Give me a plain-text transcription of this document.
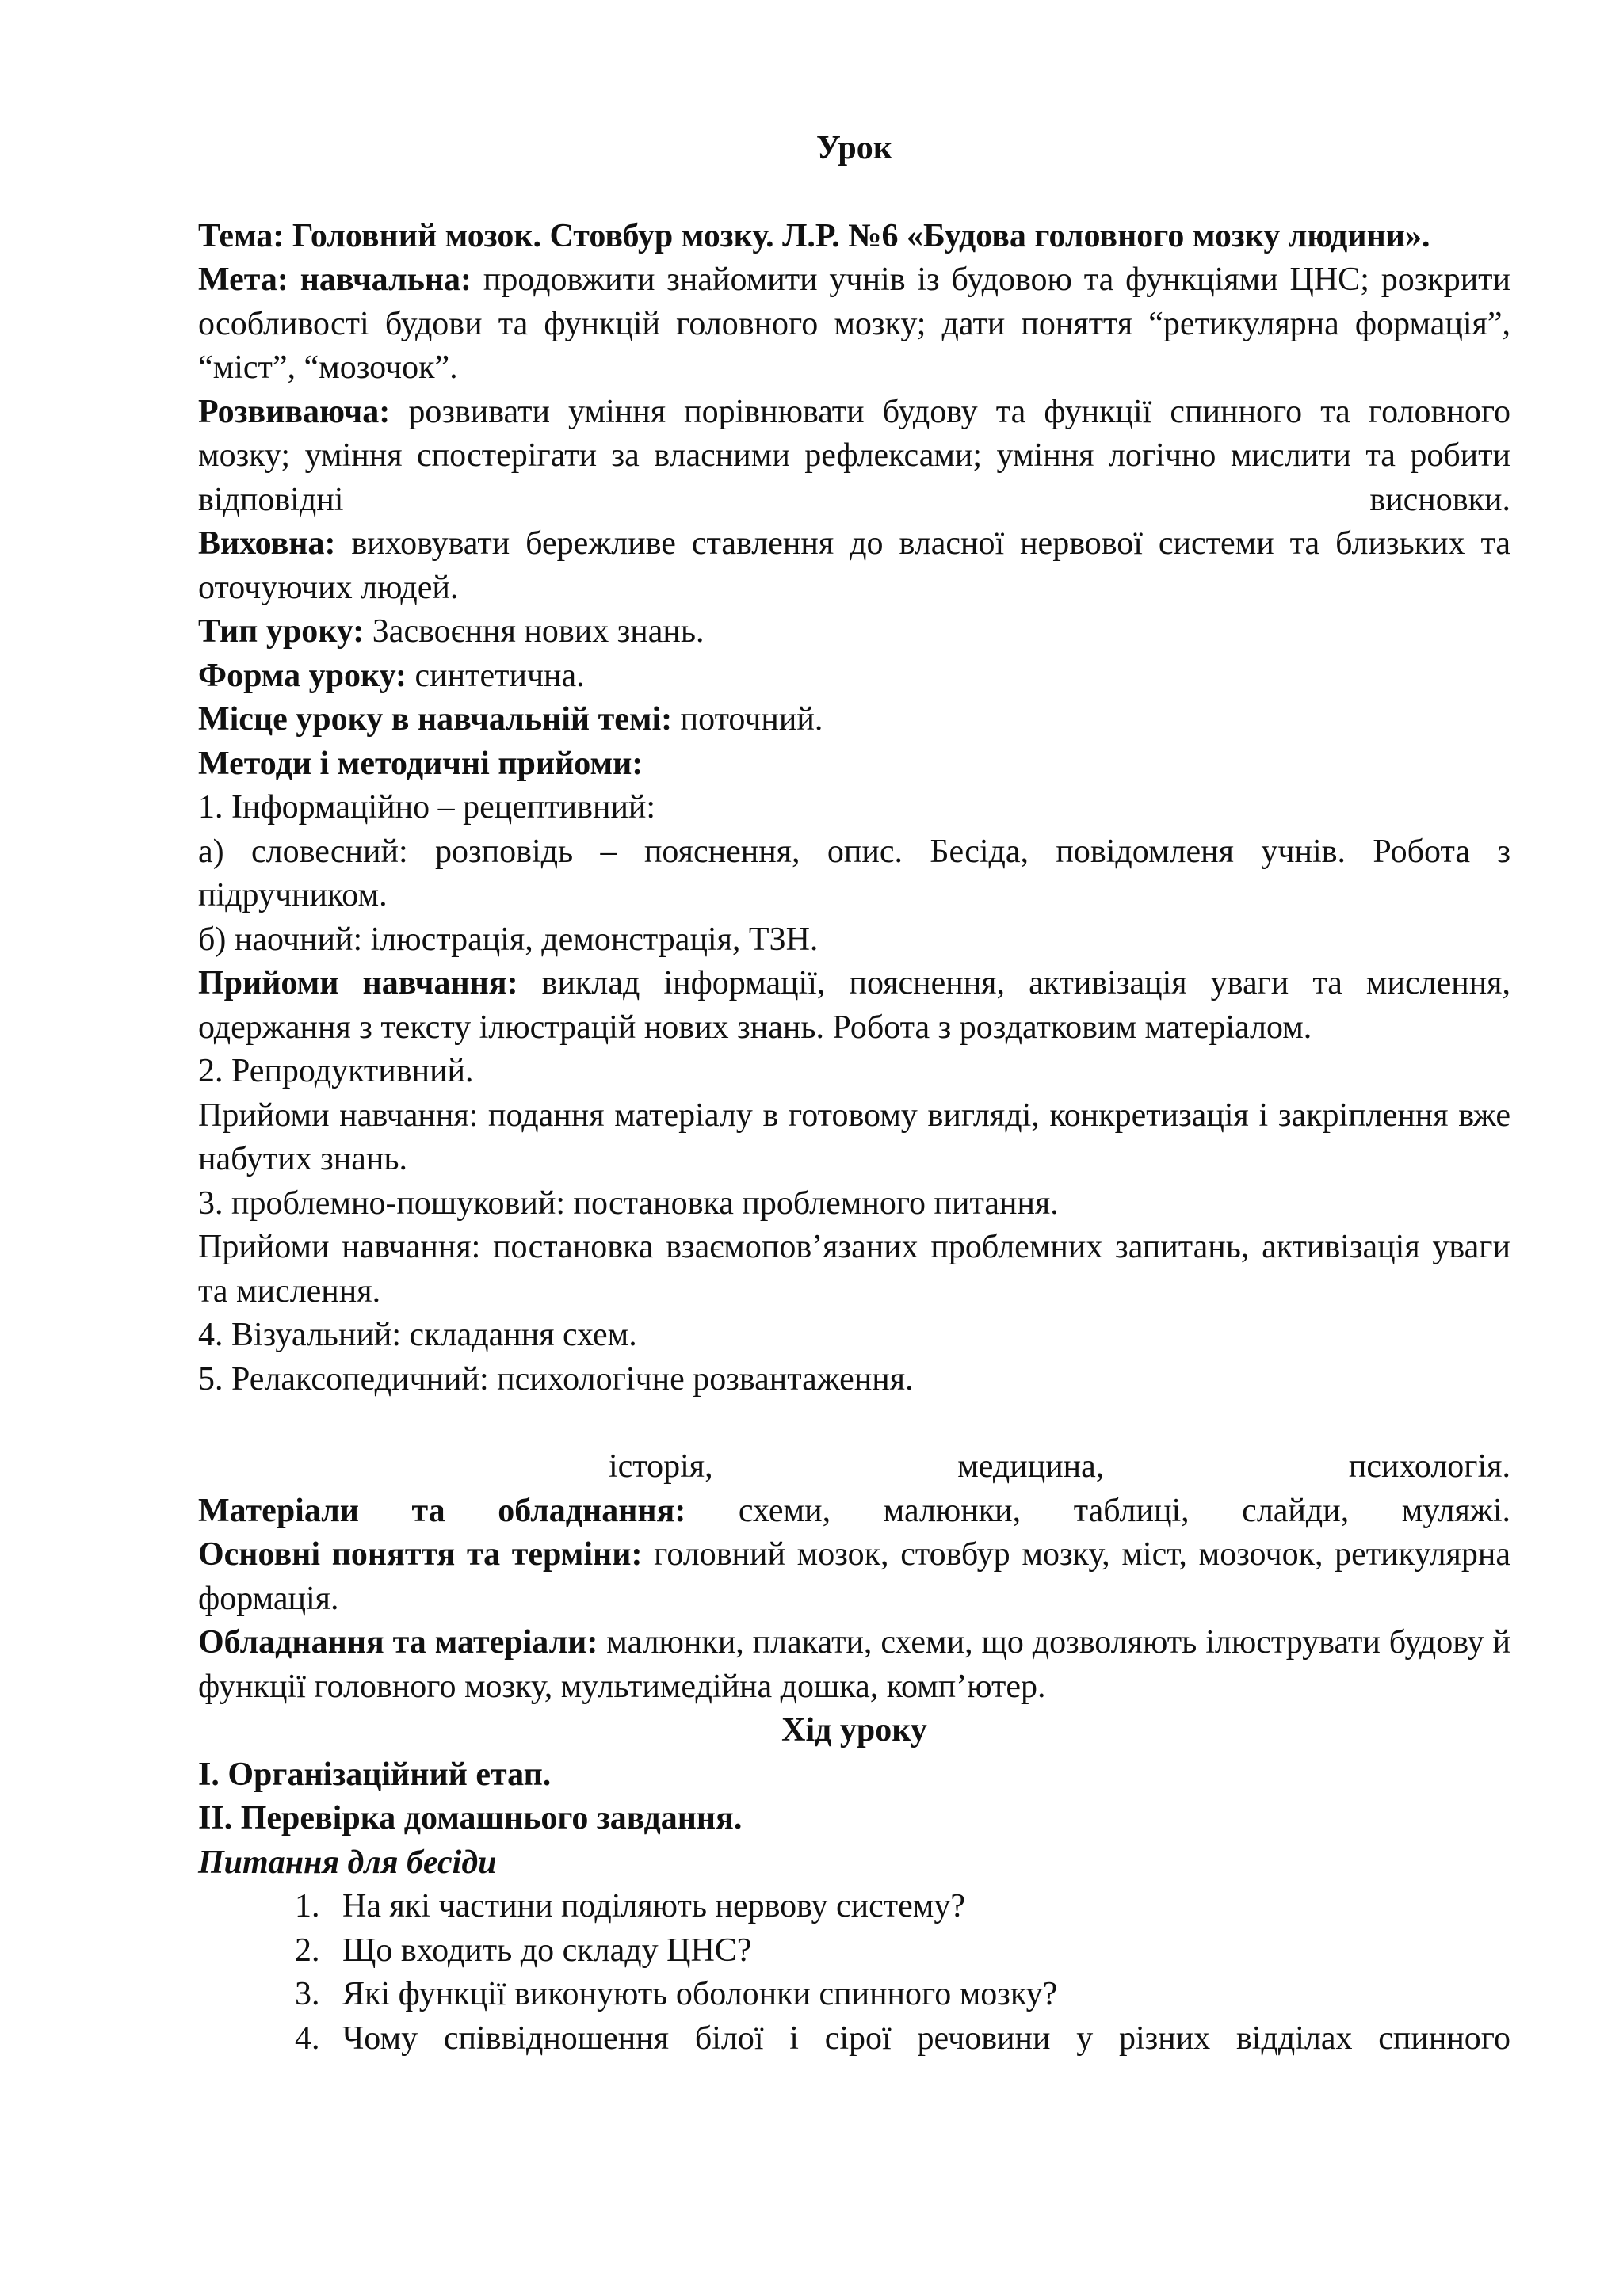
Урок

Тема: Головний мозок. Стовбур мозку. Л.Р. №6 «Будова головного мозку людини».

Мета: навчальна: продовжити знайомити учнів із будовою та функціями ЦНС; розкрити особливості будови та функцій головного мозку; дати поняття “ретикулярна формація”, “міст”, “мозочок”.

Розвиваюча: розвивати уміння порівнювати будову та функції спинного та головного мозку; уміння спостерігати за власними рефлексами; уміння логічно мислити та робити відповідні висновки.

Виховна: виховувати бережливе ставлення до власної нервової системи та близьких та оточуючих людей.

Тип уроку: Засвоєння нових знань.

Форма уроку: синтетична.

Місце уроку в навчальній темі: поточний.

Методи і методичні прийоми:

1. Інформаційно – рецептивний:

а) словесний: розповідь – пояснення, опис. Бесіда, повідомленя учнів. Робота з підручником.

б) наочний: ілюстрація, демонстрація, ТЗН.

Прийоми навчання: виклад інформації, пояснення, активізація уваги та мислення, одержання з тексту ілюстрацій нових знань. Робота з роздатковим матеріалом.

2. Репродуктивний.

Прийоми навчання: подання матеріалу в готовому вигляді, конкретизація і закріплення вже набутих знань.

3. проблемно-пошуковий: постановка проблемного питання.

Прийоми навчання: постановка взаємопов’язаних проблемних запитань, активізація уваги та мислення.

4. Візуальний: складання схем.

5. Релаксопедичний: психологічне розвантаження.

історія, медицина, психологія.

Матеріали та обладнання: схеми, малюнки, таблиці, слайди, муляжі.

Основні поняття та терміни: головний мозок, стовбур мозку, міст, мозочок, ретикулярна формація.

Обладнання та матеріали: малюнки, плакати, схеми, що дозволяють ілюструвати будову й функції головного мозку, мультимедійна дошка, комп’ютер.

Хід уроку

I. Організаційний етап.

II. Перевірка домашнього завдання.

Питання для бесіди

1. На які частини поділяють нервову систему?
2. Що входить до складу ЦНС?
3. Які функції виконують оболонки спинного мозку?
4. Чому співвідношення білої і сірої речовини у різних відділах спинного
